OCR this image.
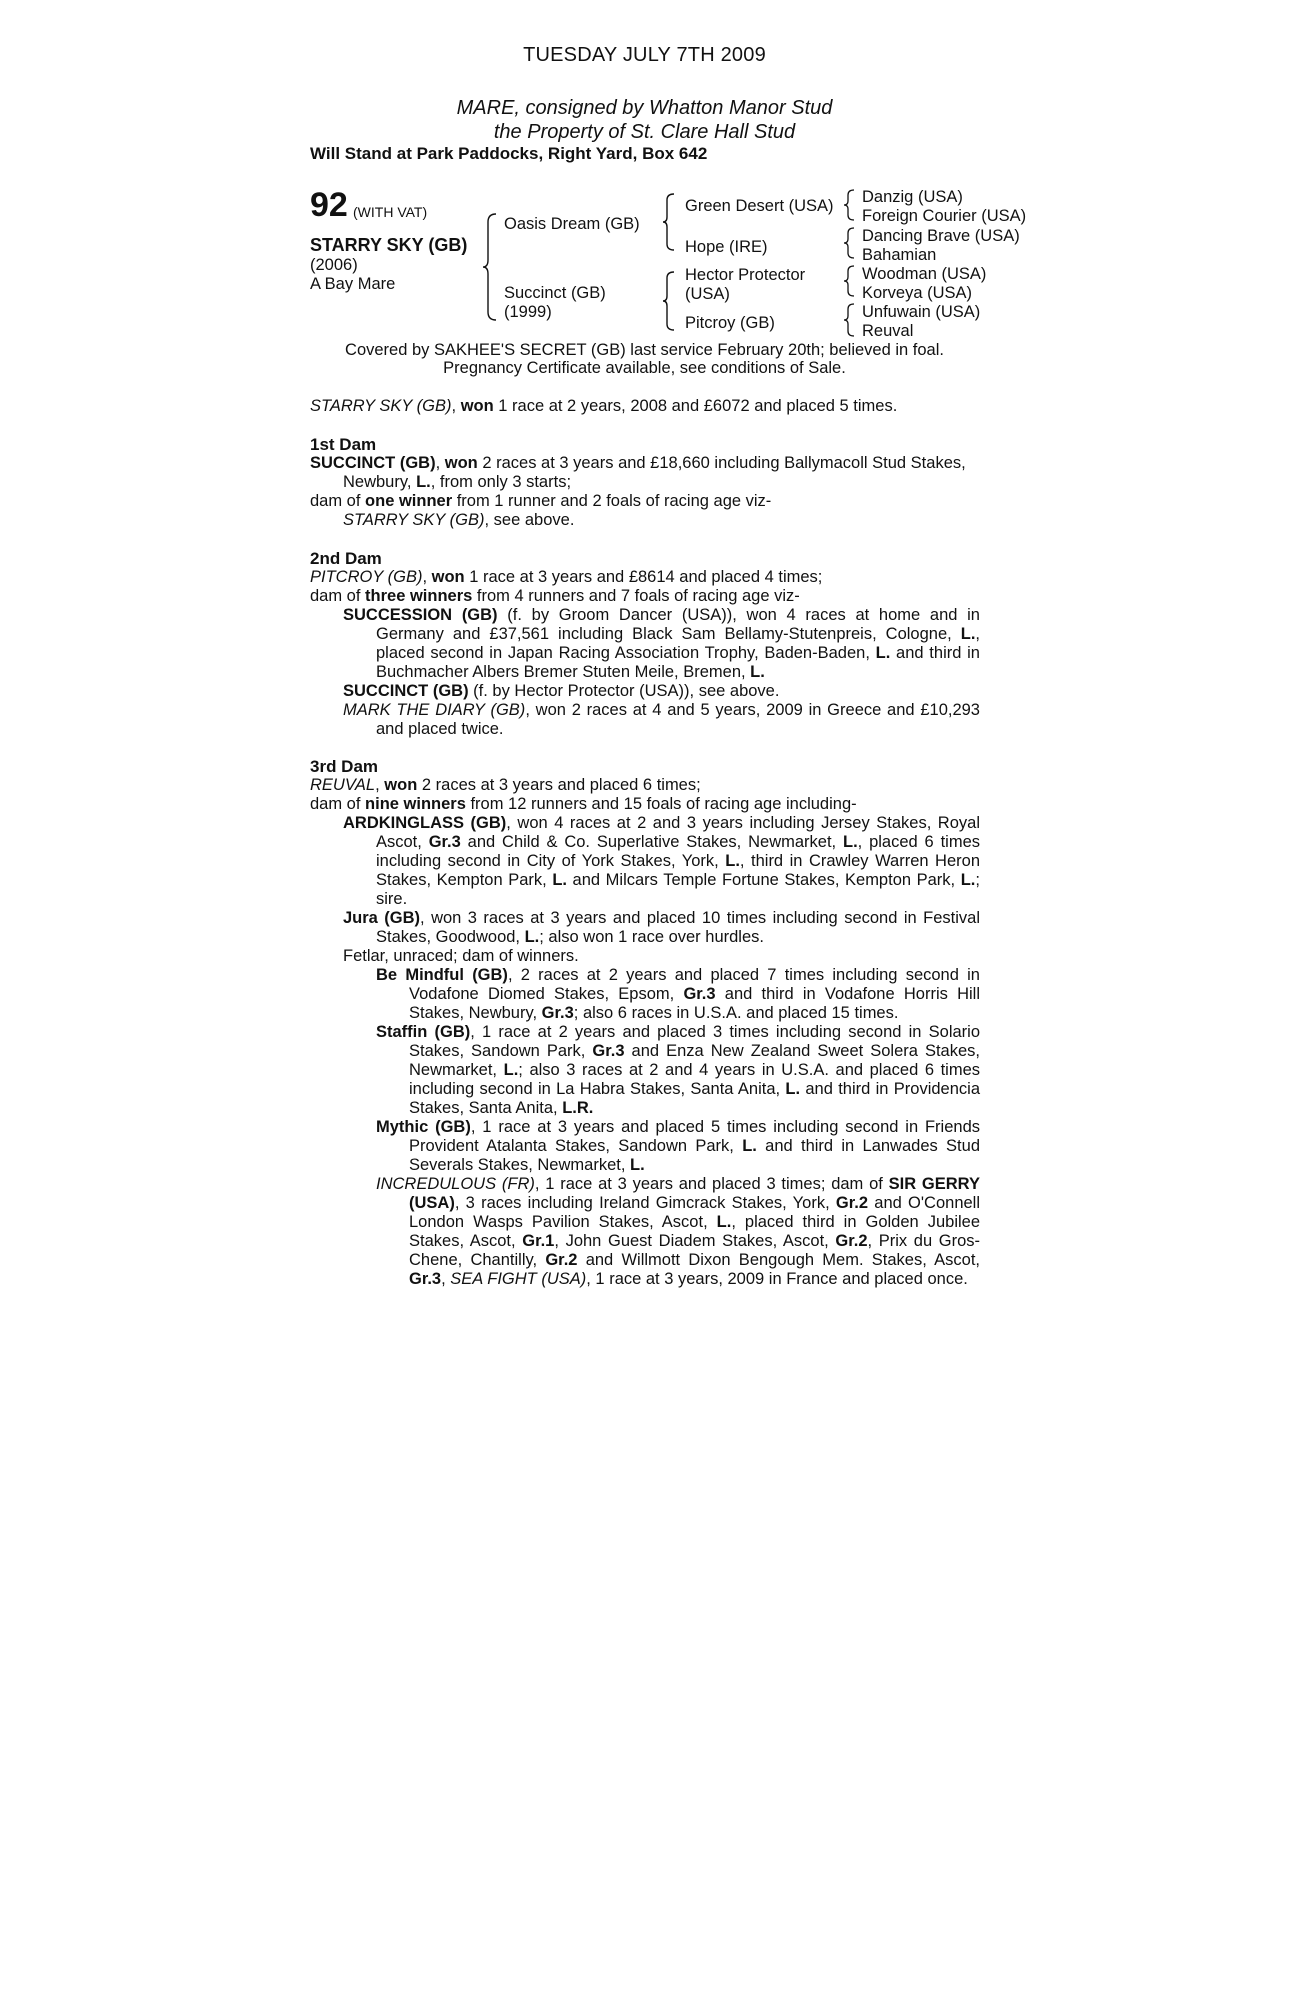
TUESDAY JULY 7TH 2009
MARE, consigned by Whatton Manor Stud
the Property of St. Clare Hall Stud
Will Stand at Park Paddocks, Right Yard, Box 642
92 (WITH VAT)
STARRY SKY (GB)
(2006)
A Bay Mare
Oasis Dream (GB)
Succinct (GB)
(1999)
Green Desert (USA)
Hope (IRE)
Hector Protector
(USA)
Pitcroy (GB)
Danzig (USA)
Foreign Courier (USA)
Dancing Brave (USA)
Bahamian
Woodman (USA)
Korveya (USA)
Unfuwain (USA)
Reuval
Covered by SAKHEE'S SECRET (GB) last service February 20th; believed in foal.
Pregnancy Certificate available, see conditions of Sale.

STARRY SKY (GB), won 1 race at 2 years, 2008 and £6072 and placed 5 times.

1st Dam

SUCCINCT (GB), won 2 races at 3 years and £18,660 including Ballymacoll Stud Stakes, Newbury, L., from only 3 starts;

dam of one winner from 1 runner and 2 foals of racing age viz-

STARRY SKY (GB), see above.

2nd Dam

PITCROY (GB), won 1 race at 3 years and £8614 and placed 4 times;

dam of three winners from 4 runners and 7 foals of racing age viz-

SUCCESSION (GB) (f. by Groom Dancer (USA)), won 4 races at home and in Germany and £37,561 including Black Sam Bellamy-Stutenpreis, Cologne, L., placed second in Japan Racing Association Trophy, Baden-Baden, L. and third in Buchmacher Albers Bremer Stuten Meile, Bremen, L.

SUCCINCT (GB) (f. by Hector Protector (USA)), see above.

MARK THE DIARY (GB), won 2 races at 4 and 5 years, 2009 in Greece and £10,293 and placed twice.

3rd Dam

REUVAL, won 2 races at 3 years and placed 6 times;

dam of nine winners from 12 runners and 15 foals of racing age including-

ARDKINGLASS (GB), won 4 races at 2 and 3 years including Jersey Stakes, Royal Ascot, Gr.3 and Child & Co. Superlative Stakes, Newmarket, L., placed 6 times including second in City of York Stakes, York, L., third in Crawley Warren Heron Stakes, Kempton Park, L. and Milcars Temple Fortune Stakes, Kempton Park, L.; sire.

Jura (GB), won 3 races at 3 years and placed 10 times including second in Festival Stakes, Goodwood, L.; also won 1 race over hurdles.

Fetlar, unraced; dam of winners.

Be Mindful (GB), 2 races at 2 years and placed 7 times including second in Vodafone Diomed Stakes, Epsom, Gr.3 and third in Vodafone Horris Hill Stakes, Newbury, Gr.3; also 6 races in U.S.A. and placed 15 times.

Staffin (GB), 1 race at 2 years and placed 3 times including second in Solario Stakes, Sandown Park, Gr.3 and Enza New Zealand Sweet Solera Stakes, Newmarket, L.; also 3 races at 2 and 4 years in U.S.A. and placed 6 times including second in La Habra Stakes, Santa Anita, L. and third in Providencia Stakes, Santa Anita, L.R.

Mythic (GB), 1 race at 3 years and placed 5 times including second in Friends Provident Atalanta Stakes, Sandown Park, L. and third in Lanwades Stud Severals Stakes, Newmarket, L.

INCREDULOUS (FR), 1 race at 3 years and placed 3 times; dam of SIR GERRY (USA), 3 races including Ireland Gimcrack Stakes, York, Gr.2 and O'Connell London Wasps Pavilion Stakes, Ascot, L., placed third in Golden Jubilee Stakes, Ascot, Gr.1, John Guest Diadem Stakes, Ascot, Gr.2, Prix du Gros-Chene, Chantilly, Gr.2 and Willmott Dixon Bengough Mem. Stakes, Ascot, Gr.3, SEA FIGHT (USA), 1 race at 3 years, 2009 in France and placed once.
